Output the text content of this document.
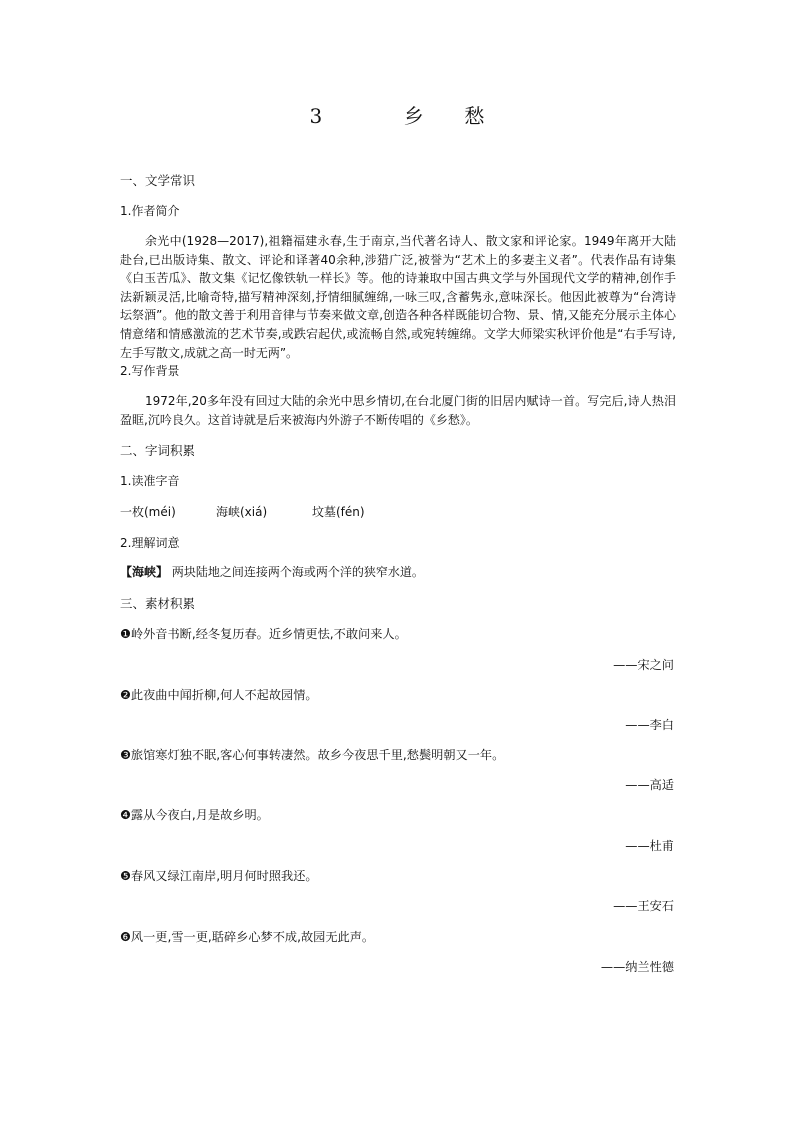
3	乡  愁
一、文学常识
1.作者简介
余光中(1928—2017),祖籍福建永春,生于南京,当代著名诗人、散文家和评论家。1949年离开大陆赴台,已出版诗集、散文、评论和译著40余种,涉猎广泛,被誉为“艺术上的多妻主义者”。代表作品有诗集《白玉苦瓜》、散文集《记忆像铁轨一样长》等。他的诗兼取中国古典文学与外国现代文学的精神,创作手法新颖灵活,比喻奇特,描写精神深刻,抒情细腻缠绵,一咏三叹,含蓄隽永,意味深长。他因此被尊为“台湾诗坛祭酒”。他的散文善于利用音律与节奏来做文章,创造各种各样既能切合物、景、情,又能充分展示主体心情意绪和情感激流的艺术节奏,或跌宕起伏,或流畅自然,或宛转缠绵。文学大师梁实秋评价他是“右手写诗,左手写散文,成就之高一时无两”。
2.写作背景
1972年,20多年没有回过大陆的余光中思乡情切,在台北厦门街的旧居内赋诗一首。写完后,诗人热泪盈眶,沉吟良久。这首诗就是后来被海内外游子不断传唱的《乡愁》。
二、字词积累
1.读准字音
一枚(méi)	海峡(xiá)	坟墓(fén)
2.理解词意
【海峡】 两块陆地之间连接两个海或两个洋的狭窄水道。
三、素材积累
❶岭外音书断,经冬复历春。近乡情更怯,不敢问来人。
——宋之问
❷此夜曲中闻折柳,何人不起故园情。
——李白
❸旅馆寒灯独不眠,客心何事转凄然。故乡今夜思千里,愁鬓明朝又一年。
——高适
❹露从今夜白,月是故乡明。
——杜甫
❺春风又绿江南岸,明月何时照我还。
——王安石
❻风一更,雪一更,聒碎乡心梦不成,故园无此声。
——纳兰性德
